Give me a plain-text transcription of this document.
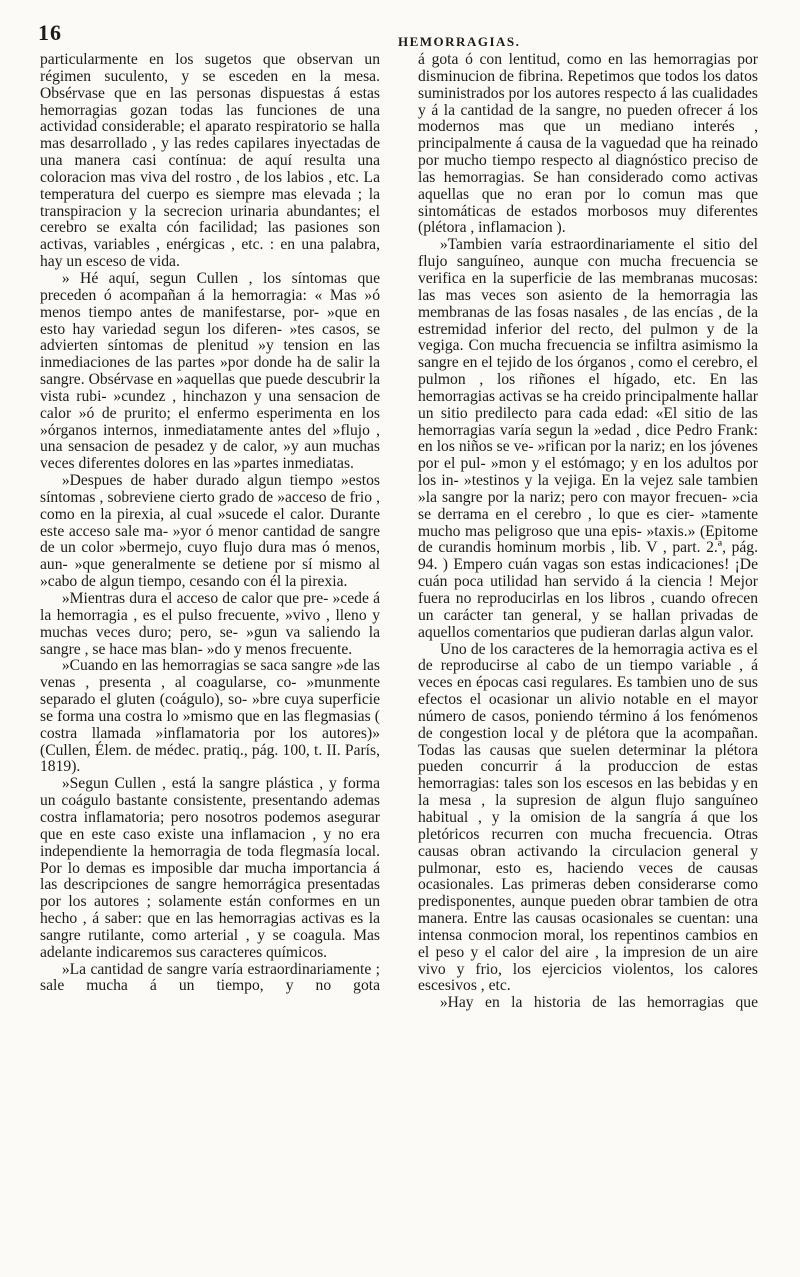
16	HEMORRAGIAS.

particularmente en los sugetos que observan un régimen suculento, y se esceden en la mesa. Obsérvase que en las personas dispuestas á estas hemorragias gozan todas las funciones de una actividad considerable; el aparato respiratorio se halla mas desarrollado , y las redes capilares inyectadas de una manera casi contínua: de aquí resulta una coloracion mas viva del rostro , de los labios , etc. La temperatura del cuerpo es siempre mas elevada ; la transpiracion y la secrecion urinaria abundantes; el cerebro se exalta cón facilidad; las pasiones son activas, variables , enérgicas , etc. : en una palabra, hay un esceso de vida.

» Hé aquí, segun Cullen , los síntomas que preceden ó acompañan á la hemorragia: « Mas »ó menos tiempo antes de manifestarse, por- »que en esto hay variedad segun los diferen- »tes casos, se advierten síntomas de plenitud »y tension en las inmediaciones de las partes »por donde ha de salir la sangre. Obsérvase en »aquellas que puede descubrir la vista rubi- »cundez , hinchazon y una sensacion de calor »ó de prurito; el enfermo esperimenta en los »órganos internos, inmediatamente antes del »flujo , una sensacion de pesadez y de calor, »y aun muchas veces diferentes dolores en las »partes inmediatas.

»Despues de haber durado algun tiempo »estos síntomas , sobreviene cierto grado de »acceso de frio , como en la pirexia, al cual »sucede el calor. Durante este acceso sale ma- »yor ó menor cantidad de sangre de un color »bermejo, cuyo flujo dura mas ó menos, aun- »que generalmente se detiene por sí mismo al »cabo de algun tiempo, cesando con él la pirexia.

»Mientras dura el acceso de calor que pre- »cede á la hemorragia , es el pulso frecuente, »vivo , lleno y muchas veces duro; pero, se- »gun va saliendo la sangre , se hace mas blan- »do y menos frecuente.

»Cuando en las hemorragias se saca sangre »de las venas , presenta , al coagularse, co- »munmente separado el gluten (coágulo), so- »bre cuya superficie se forma una costra lo »mismo que en las flegmasias ( costra llamada »inflamatoria por los autores)» (Cullen, Élem. de médec. pratiq., pág. 100, t. II. París, 1819).

»Segun Cullen , está la sangre plástica , y forma un coágulo bastante consistente, presentando ademas costra inflamatoria; pero nosotros podemos asegurar que en este caso existe una inflamacion , y no era independiente la hemorragia de toda flegmasía local. Por lo demas es imposible dar mucha importancia á las descripciones de sangre hemorrágica presentadas por los autores ; solamente están conformes en un hecho , á saber: que en las hemorragias activas es la sangre rutilante, como arterial , y se coagula. Mas adelante indicaremos sus caracteres químicos.

»La cantidad de sangre varía estraordinariamente ; sale mucha á un tiempo, y no gota

á gota ó con lentitud, como en las hemorragias por disminucion de fibrina. Repetimos que todos los datos suministrados por los autores respecto á las cualidades y á la cantidad de la sangre, no pueden ofrecer á los modernos mas que un mediano interés , principalmente á causa de la vaguedad que ha reinado por mucho tiempo respecto al diagnóstico preciso de las hemorragias. Se han considerado como activas aquellas que no eran por lo comun mas que sintomáticas de estados morbosos muy diferentes (plétora , inflamacion ).

»Tambien varía estraordinariamente el sitio del flujo sanguíneo, aunque con mucha frecuencia se verifica en la superficie de las membranas mucosas: las mas veces son asiento de la hemorragia las membranas de las fosas nasales , de las encías , de la estremidad inferior del recto, del pulmon y de la vegiga. Con mucha frecuencia se infiltra asimismo la sangre en el tejido de los órganos , como el cerebro, el pulmon , los riñones el hígado, etc. En las hemorragias activas se ha creido principalmente hallar un sitio predilecto para cada edad: «El sitio de las hemorragias varía segun la »edad , dice Pedro Frank: en los niños se ve- »rifican por la nariz; en los jóvenes por el pul- »mon y el estómago; y en los adultos por los in- »testinos y la vejiga. En la vejez sale tambien »la sangre por la nariz; pero con mayor frecuen- »cia se derrama en el cerebro , lo que es cier- »tamente mucho mas peligroso que una epis- »taxis.» (Epitome de curandis hominum morbis , lib. V , part. 2.ª, pág. 94. ) Empero cuán vagas son estas indicaciones! ¡De cuán poca utilidad han servido á la ciencia ! Mejor fuera no reproducirlas en los libros , cuando ofrecen un carácter tan general, y se hallan privadas de aquellos comentarios que pudieran darlas algun valor.

Uno de los caracteres de la hemorragia activa es el de reproducirse al cabo de un tiempo variable , á veces en épocas casi regulares. Es tambien uno de sus efectos el ocasionar un alivio notable en el mayor número de casos, poniendo término á los fenómenos de congestion local y de plétora que la acompañan. Todas las causas que suelen determinar la plétora pueden concurrir á la produccion de estas hemorragias: tales son los escesos en las bebidas y en la mesa , la supresion de algun flujo sanguíneo habitual , y la omision de la sangría á que los pletóricos recurren con mucha frecuencia. Otras causas obran activando la circulacion general y pulmonar, esto es, haciendo veces de causas ocasionales. Las primeras deben considerarse como predisponentes, aunque pueden obrar tambien de otra manera. Entre las causas ocasionales se cuentan: una intensa conmocion moral, los repentinos cambios en el peso y el calor del aire , la impresion de un aire vivo y frio, los ejercicios violentos, los calores escesivos , etc.

»Hay en la historia de las hemorragias que
